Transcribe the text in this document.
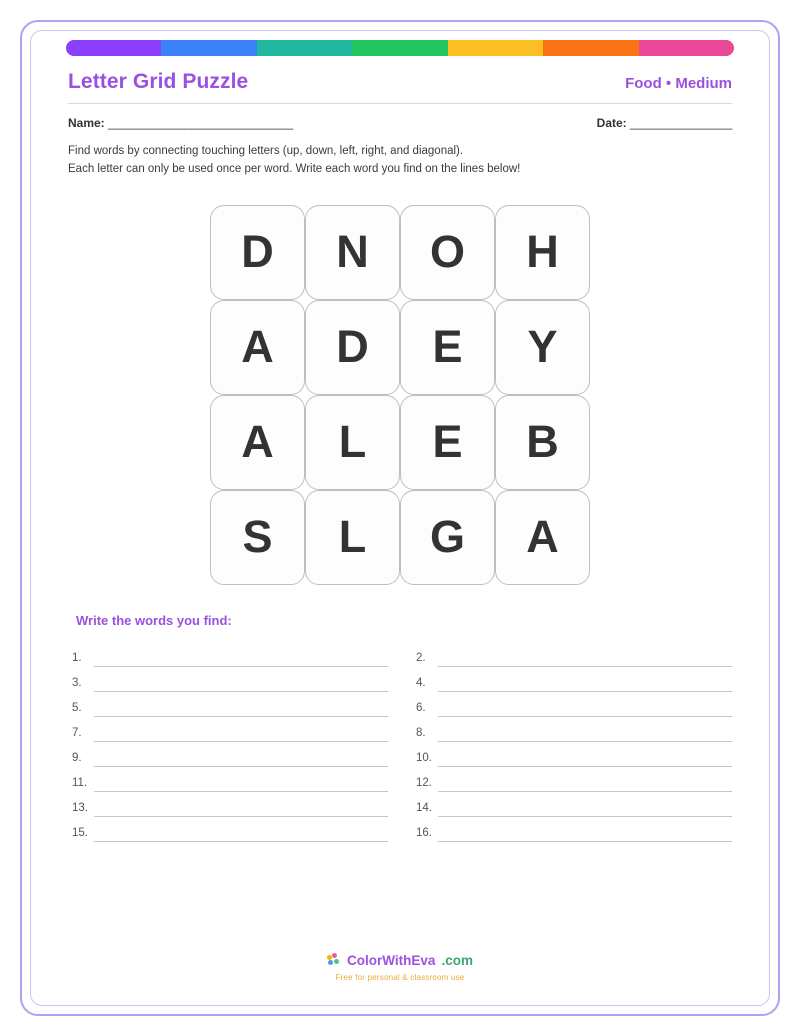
Letter Grid Puzzle	Food • Medium
Name: _____________________________	Date: ________________
Find words by connecting touching letters (up, down, left, right, and diagonal).
Each letter can only be used once per word. Write each word you find on the lines below!
D	N	O	H
A	D	E	Y
A	L	E	B
S	L	G	A
Write the words you find:
1.	2.
3.	4.
5.	6.
7.	8.
9.	10.
11.	12.
13.	14.
15.	16.
ColorWithEva .com
Free for personal & classroom use
